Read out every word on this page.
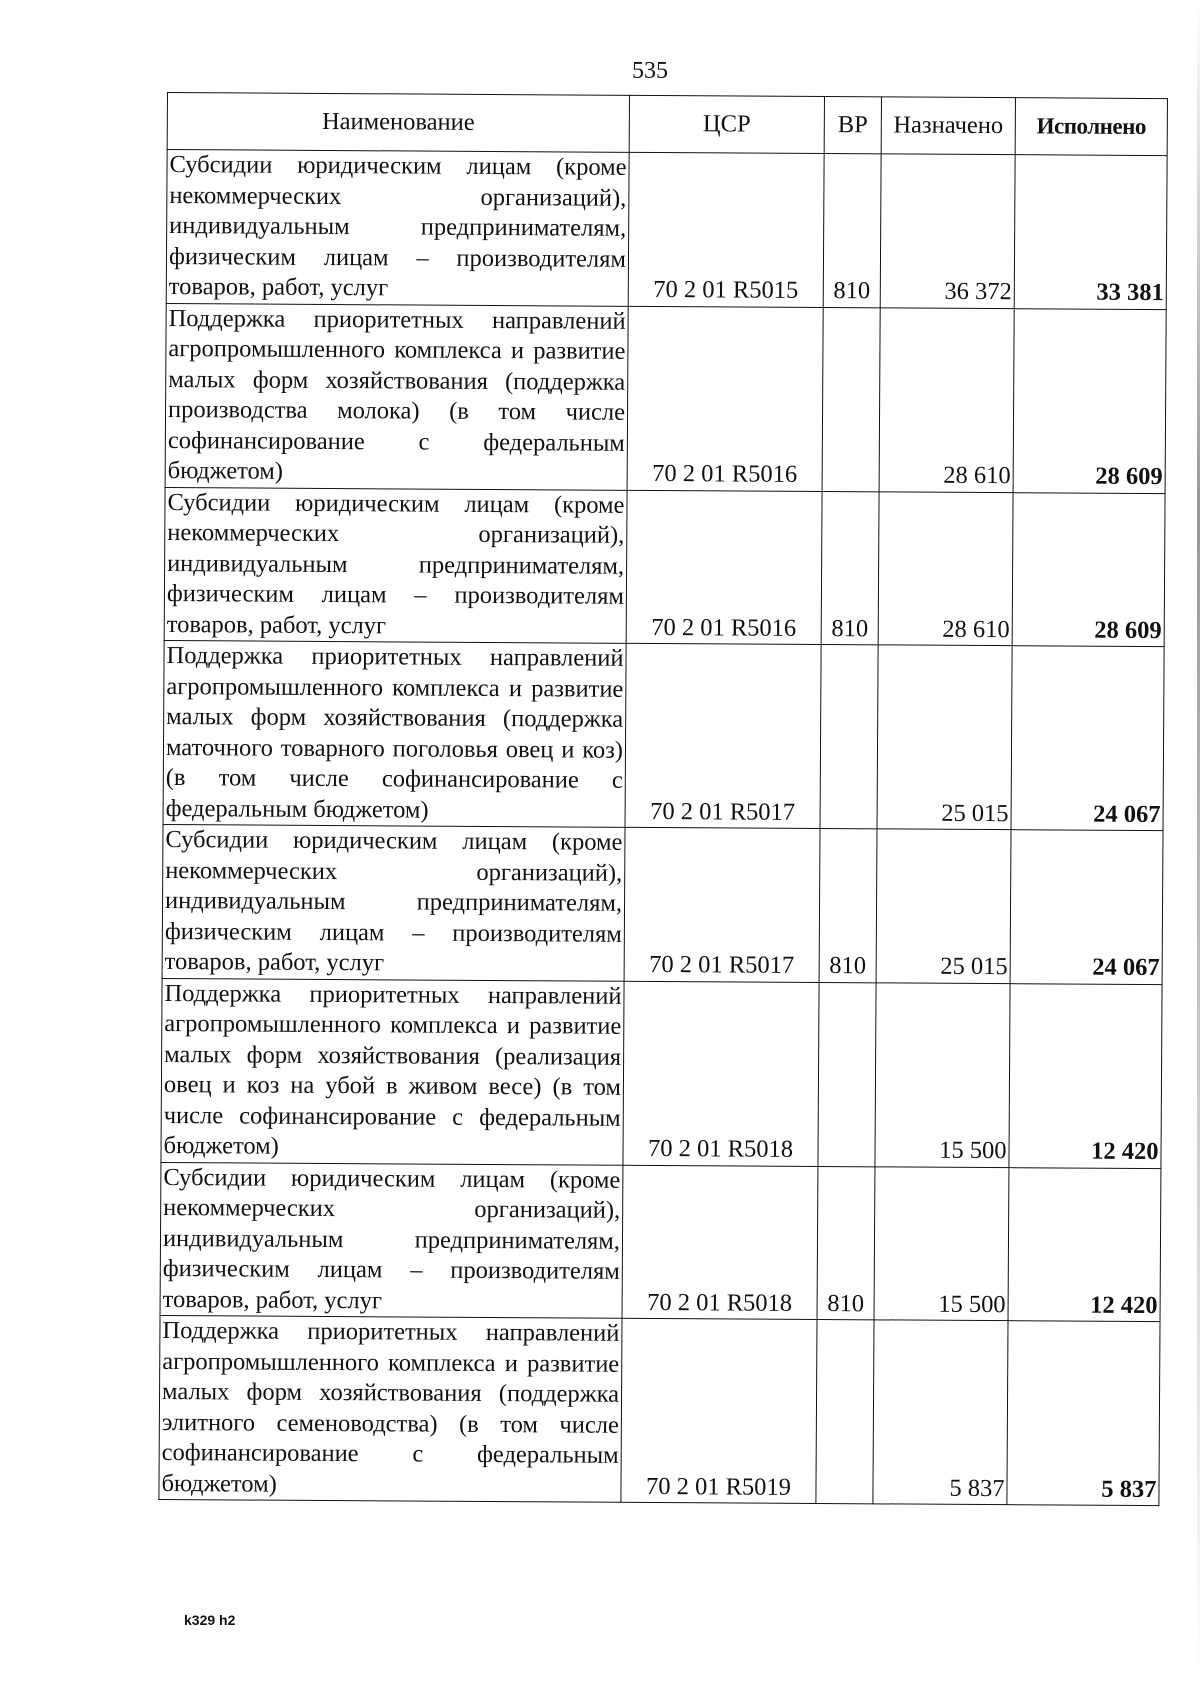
535
Наименование	ЦСР	ВР	Назначено	Исполнено
Субсидии юридическим лицам (кроме некоммерческих организаций), индивидуальным предпринимателям, физическим лицам – производителям товаров, работ, услуг	70 2 01 R5015	810	36 372	33 381
Поддержка приоритетных направлений агропромышленного комплекса и развитие малых форм хозяйствования (поддержка производства молока) (в том числе софинансирование с федеральным бюджетом)	70 2 01 R5016		28 610	28 609
Субсидии юридическим лицам (кроме некоммерческих организаций), индивидуальным предпринимателям, физическим лицам – производителям товаров, работ, услуг	70 2 01 R5016	810	28 610	28 609
Поддержка приоритетных направлений агропромышленного комплекса и развитие малых форм хозяйствования (поддержка маточного товарного поголовья овец и коз) (в том числе софинансирование с федеральным бюджетом)	70 2 01 R5017		25 015	24 067
Субсидии юридическим лицам (кроме некоммерческих организаций), индивидуальным предпринимателям, физическим лицам – производителям товаров, работ, услуг	70 2 01 R5017	810	25 015	24 067
Поддержка приоритетных направлений агропромышленного комплекса и развитие малых форм хозяйствования (реализация овец и коз на убой в живом весе) (в том числе софинансирование с федеральным бюджетом)	70 2 01 R5018		15 500	12 420
Субсидии юридическим лицам (кроме некоммерческих организаций), индивидуальным предпринимателям, физическим лицам – производителям товаров, работ, услуг	70 2 01 R5018	810	15 500	12 420
Поддержка приоритетных направлений агропромышленного комплекса и развитие малых форм хозяйствования (поддержка элитного семеноводства) (в том числе софинансирование с федеральным бюджетом)	70 2 01 R5019		5 837	5 837
k329 h2
